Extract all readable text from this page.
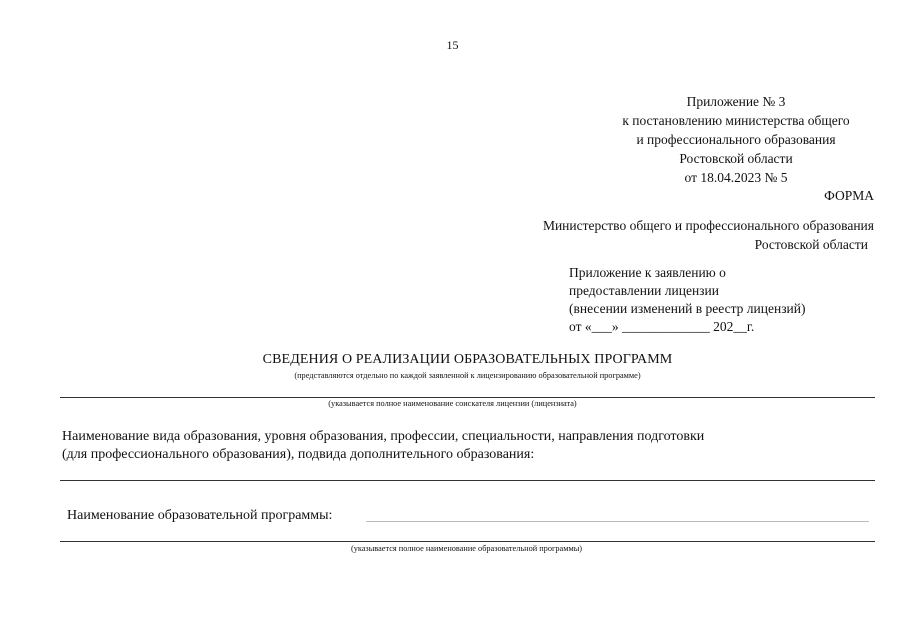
15
Приложение № 3
к постановлению министерства общего
и профессионального образования
Ростовской области
от 18.04.2023 № 5
ФОРМА
Министерство общего и профессионального образования
Ростовской области
Приложение к заявлению о
предоставлении лицензии
(внесении изменений в реестр лицензий)
от «___» _____________ 202__г.
СВЕДЕНИЯ О РЕАЛИЗАЦИИ ОБРАЗОВАТЕЛЬНЫХ ПРОГРАММ
(представляются отдельно по каждой заявленной к лицензированию образовательной программе)
(указывается полное наименование соискателя лицензии (лицензиата)
Наименование вида образования, уровня образования, профессии, специальности, направления подготовки
(для профессионального образования), подвида дополнительного образования:
Наименование образовательной программы:
(указывается полное наименование образовательной программы)
